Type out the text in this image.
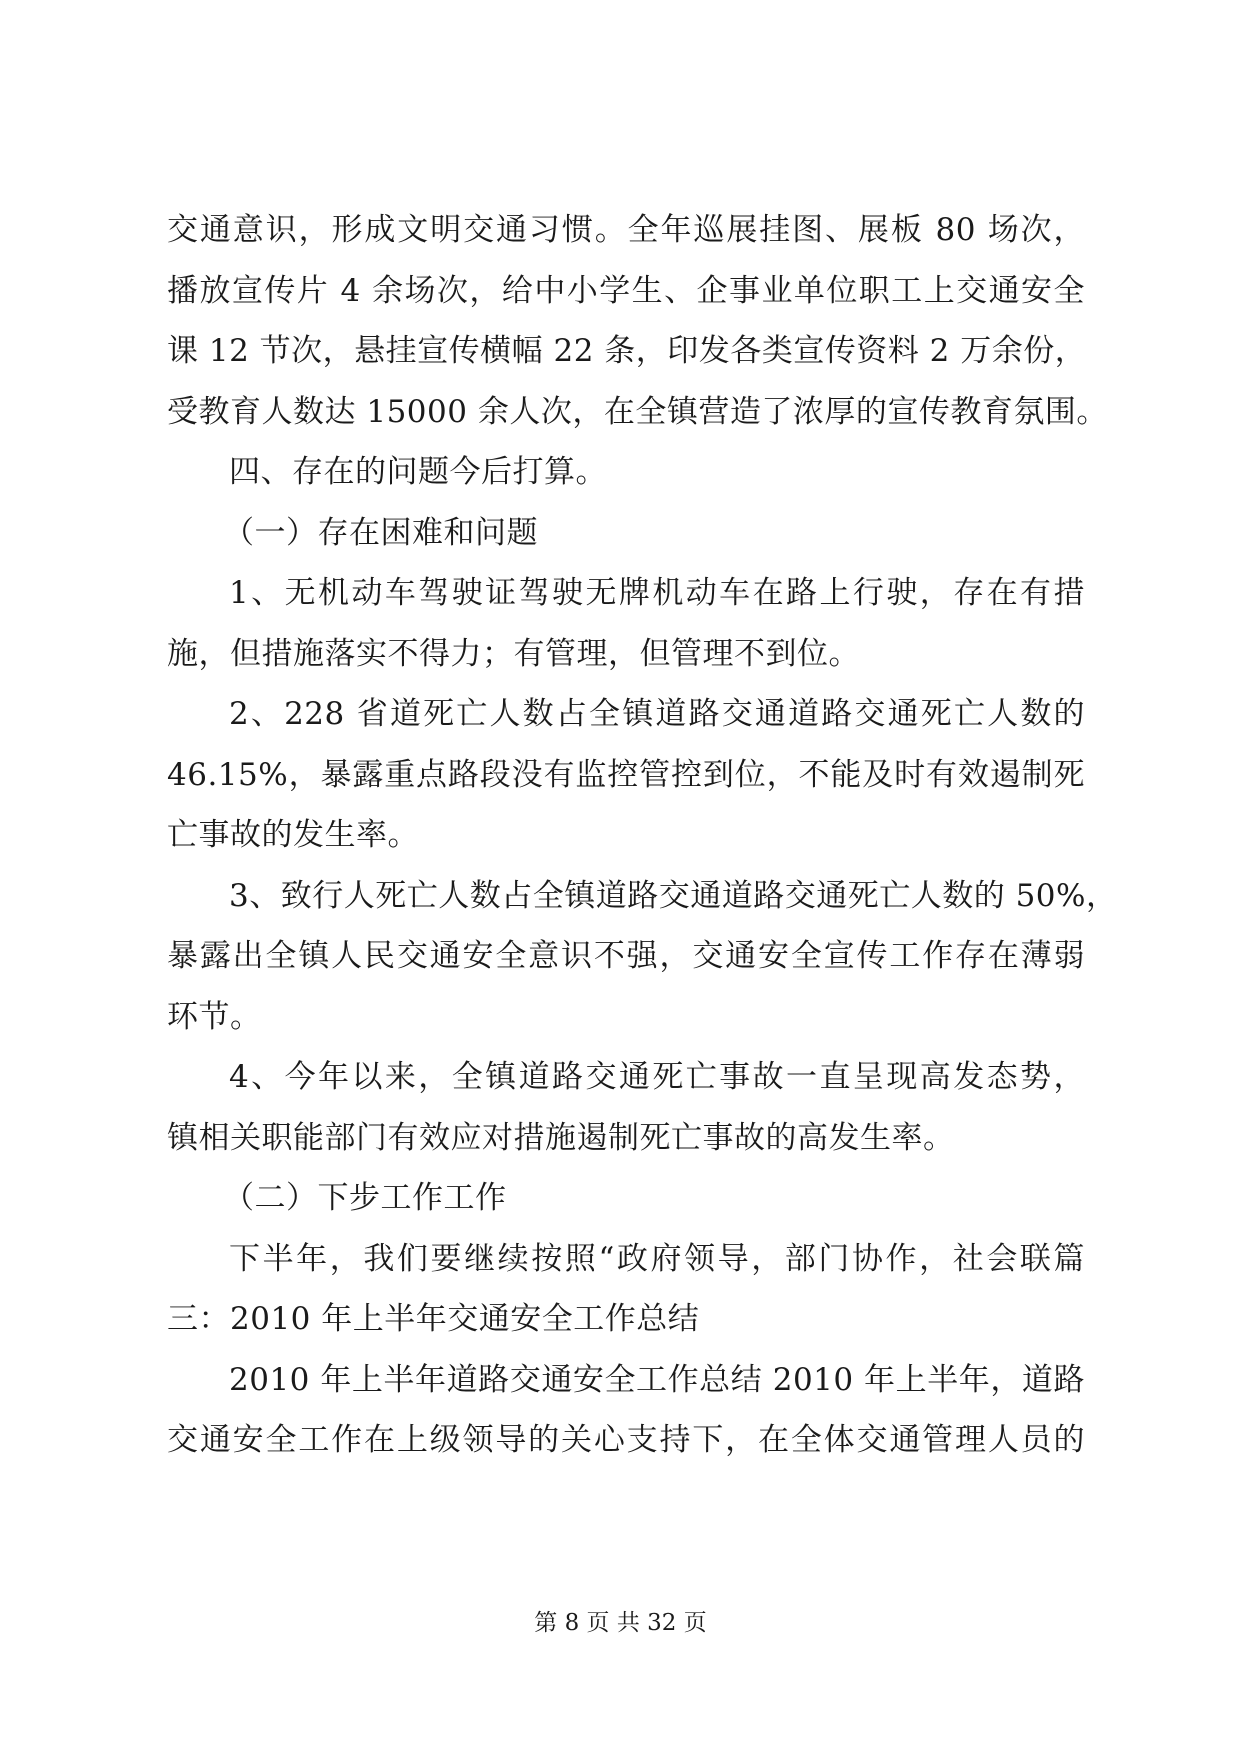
交通意识，形成文明交通习惯。全年巡展挂图、展板 80 场次，
播放宣传片 4 余场次，给中小学生、企事业单位职工上交通安全
课 12 节次，悬挂宣传横幅 22 条，印发各类宣传资料 2 万余份，
受教育人数达 15000 余人次，在全镇营造了浓厚的宣传教育氛围。
四、存在的问题今后打算。
（一）存在困难和问题
1、无机动车驾驶证驾驶无牌机动车在路上行驶，存在有措
施，但措施落实不得力；有管理，但管理不到位。
2、228 省道死亡人数占全镇道路交通道路交通死亡人数的
46.15%，暴露重点路段没有监控管控到位，不能及时有效遏制死
亡事故的发生率。
3、致行人死亡人数占全镇道路交通道路交通死亡人数的 50%，
暴露出全镇人民交通安全意识不强，交通安全宣传工作存在薄弱
环节。
4、今年以来，全镇道路交通死亡事故一直呈现高发态势，
镇相关职能部门有效应对措施遏制死亡事故的高发生率。
（二）下步工作工作
下半年，我们要继续按照“政府领导，部门协作，社会联篇
三：2010 年上半年交通安全工作总结
2010 年上半年道路交通安全工作总结 2010 年上半年，道路
交通安全工作在上级领导的关心支持下，在全体交通管理人员的
第 8 页 共 32 页
